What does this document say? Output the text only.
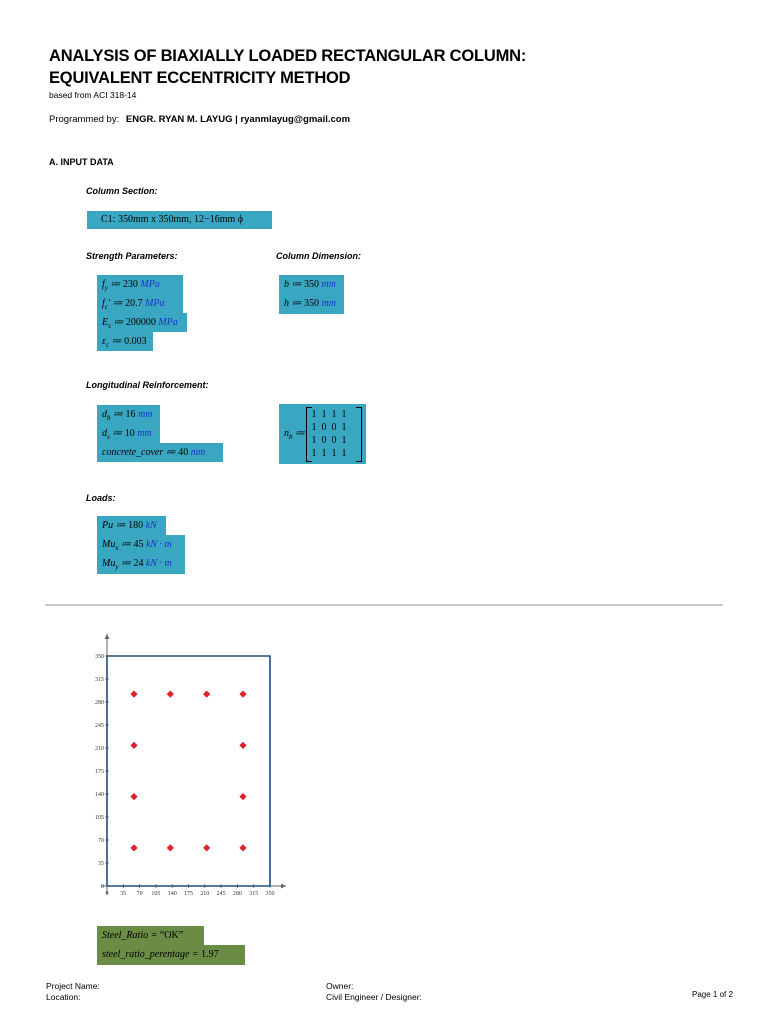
ANALYSIS OF BIAXIALLY LOADED RECTANGULAR COLUMN:
EQUIVALENT ECCENTRICITY METHOD
based from ACI 318-14
Programmed by: ENGR. RYAN M. LAYUG | ryanmlayug@gmail.com
A. INPUT DATA
Column Section:
C1: 350mm x 350mm, 12−16mm ϕ
Strength Parameters:
$f_y$ ≔ 230 MPa
$f_c'$ ≔ 20.7 MPa
$E_s$ ≔ 200000 MPa
$\varepsilon_c$ ≔ 0.003
Column Dimension:
b ≔ 350 mm
h ≔ 350 mm
Longitudinal Reinforcement:
$d_b$ ≔ 16 mm
$d_s$ ≔ 10 mm
concrete_cover ≔ 40 mm
$n_b$ ≔
1 1 1 1
1 0 0 1
1 0 0 1
1 1 1 1
Loads:
Pu ≔ 180 kN
$Mu_x$ ≔ 45 kN · m
$Mu_y$ ≔ 24 kN · m
0 35 70 105 140 175 210 245 280 315 350
0
35
70
105
140
175
210
245
280
315
350
Steel_Ratio = “OK”
steel_ratio_perentage = 1.97
Project Name:
Location:
Owner:
Civil Engineer / Designer:	Page 1 of 2
